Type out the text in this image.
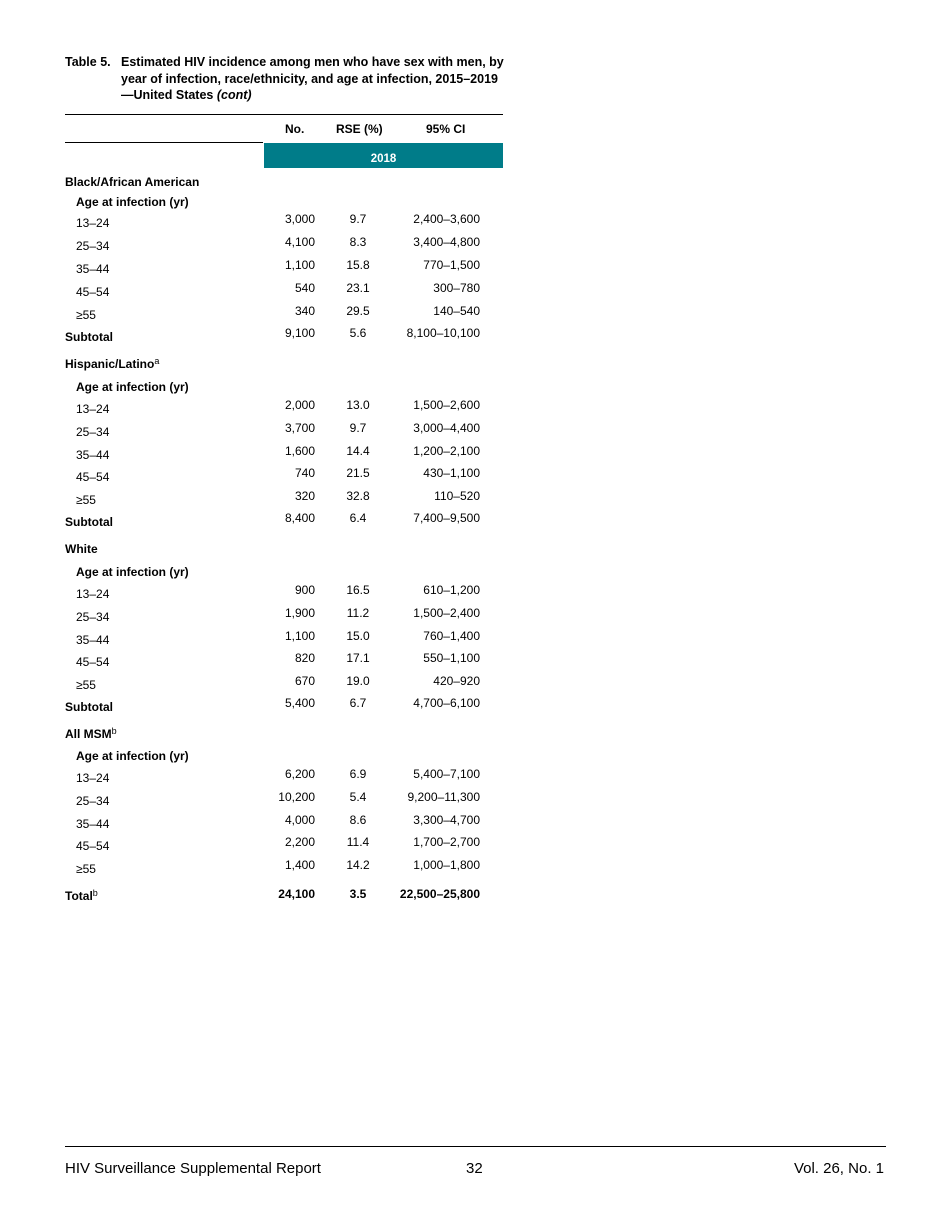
Table 5. Estimated HIV incidence among men who have sex with men, by year of infection, race/ethnicity, and age at infection, 2015–2019—United States (cont)
No.	RSE (%)	95% CI
2018
Black/African American
Age at infection (yr)
13–24	3,000	9.7	2,400–3,600
25–34	4,100	8.3	3,400–4,800
35–44	1,100	15.8	770–1,500
45–54	540	23.1	300–780
≥55	340	29.5	140–540
Subtotal	9,100	5.6	8,100–10,100
Hispanic/Latino$^a$
Age at infection (yr)
13–24	2,000	13.0	1,500–2,600
25–34	3,700	9.7	3,000–4,400
35–44	1,600	14.4	1,200–2,100
45–54	740	21.5	430–1,100
≥55	320	32.8	110–520
Subtotal	8,400	6.4	7,400–9,500
White
Age at infection (yr)
13–24	900	16.5	610–1,200
25–34	1,900	11.2	1,500–2,400
35–44	1,100	15.0	760–1,400
45–54	820	17.1	550–1,100
≥55	670	19.0	420–920
Subtotal	5,400	6.7	4,700–6,100
All MSM$^b$
Age at infection (yr)
13–24	6,200	6.9	5,400–7,100
25–34	10,200	5.4	9,200–11,300
35–44	4,000	8.6	3,300–4,700
45–54	2,200	11.4	1,700–2,700
≥55	1,400	14.2	1,000–1,800
Total$^b$	24,100	3.5	22,500–25,800
HIV Surveillance Supplemental Report	32	Vol. 26, No. 1
